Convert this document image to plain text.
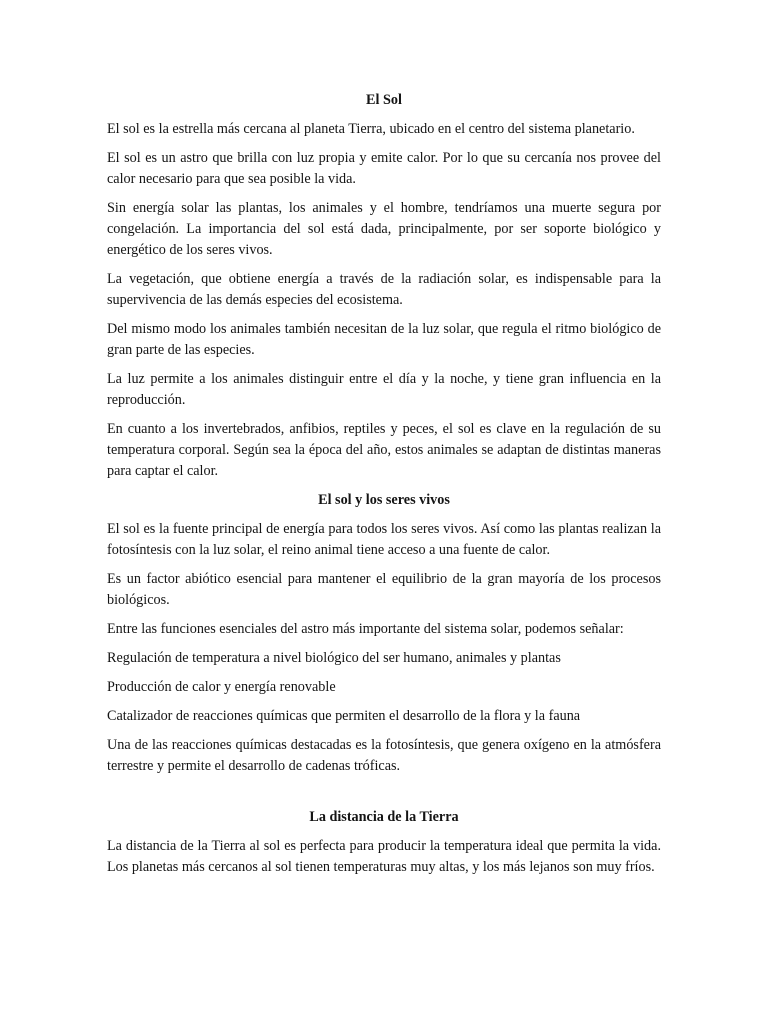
El Sol

El sol es la estrella más cercana al planeta Tierra, ubicado en el centro del sistema planetario.

El sol es un astro que brilla con luz propia y emite calor. Por lo que su cercanía nos provee del calor necesario para que sea posible la vida.

Sin energía solar las plantas, los animales y el hombre, tendríamos una muerte segura por congelación. La importancia del sol está dada, principalmente, por ser soporte biológico y energético de los seres vivos.

La vegetación, que obtiene energía a través de la radiación solar, es indispensable para la supervivencia de las demás especies del ecosistema.

Del mismo modo los animales también necesitan de la luz solar, que regula el ritmo biológico de gran parte de las especies.

La luz permite a los animales distinguir entre el día y la noche, y tiene gran influencia en la reproducción.

En cuanto a los invertebrados, anfibios, reptiles y peces, el sol es clave en la regulación de su temperatura corporal. Según sea la época del año, estos animales se adaptan de distintas maneras para captar el calor.

El sol y los seres vivos

El sol es la fuente principal de energía para todos los seres vivos. Así como las plantas realizan la fotosíntesis con la luz solar, el reino animal tiene acceso a una fuente de calor.

Es un factor abiótico esencial para mantener el equilibrio de la gran mayoría de los procesos biológicos.

Entre las funciones esenciales del astro más importante del sistema solar, podemos señalar:

Regulación de temperatura a nivel biológico del ser humano, animales y plantas

Producción de calor y energía renovable

Catalizador de reacciones químicas que permiten el desarrollo de la flora y la fauna

Una de las reacciones químicas destacadas es la fotosíntesis, que genera oxígeno en la atmósfera terrestre y permite el desarrollo de cadenas tróficas.

La distancia de la Tierra

La distancia de la Tierra al sol es perfecta para producir la temperatura ideal que permita la vida. Los planetas más cercanos al sol tienen temperaturas muy altas, y los más lejanos son muy fríos.
